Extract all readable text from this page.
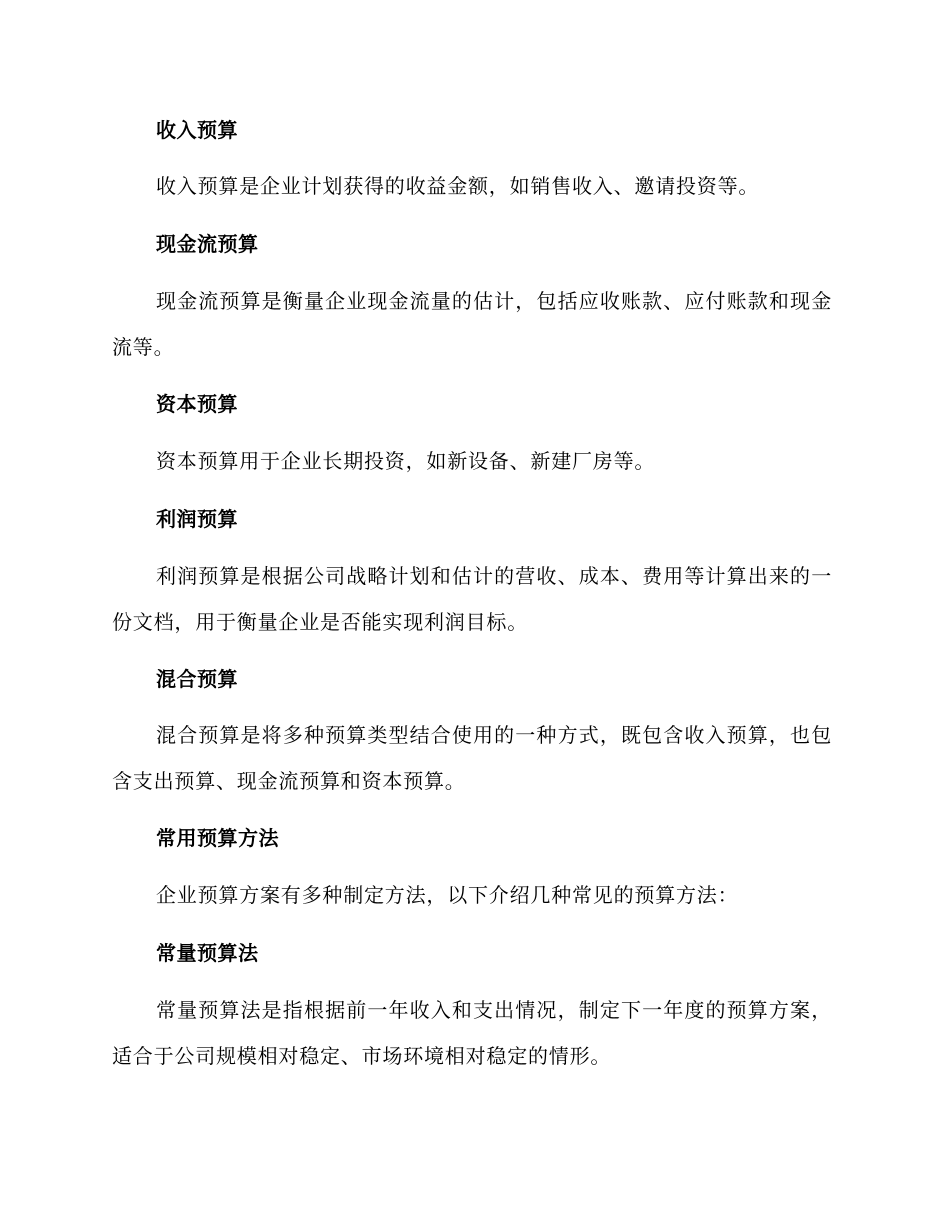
收入预算
收入预算是企业计划获得的收益金额，如销售收入、邀请投资等。
现金流预算
现金流预算是衡量企业现金流量的估计，包括应收账款、应付账款和现金流等。
资本预算
资本预算用于企业长期投资，如新设备、新建厂房等。
利润预算
利润预算是根据公司战略计划和估计的营收、成本、费用等计算出来的一份文档，用于衡量企业是否能实现利润目标。
混合预算
混合预算是将多种预算类型结合使用的一种方式，既包含收入预算，也包含支出预算、现金流预算和资本预算。
常用预算方法
企业预算方案有多种制定方法，以下介绍几种常见的预算方法：
常量预算法
常量预算法是指根据前一年收入和支出情况，制定下一年度的预算方案，适合于公司规模相对稳定、市场环境相对稳定的情形。
